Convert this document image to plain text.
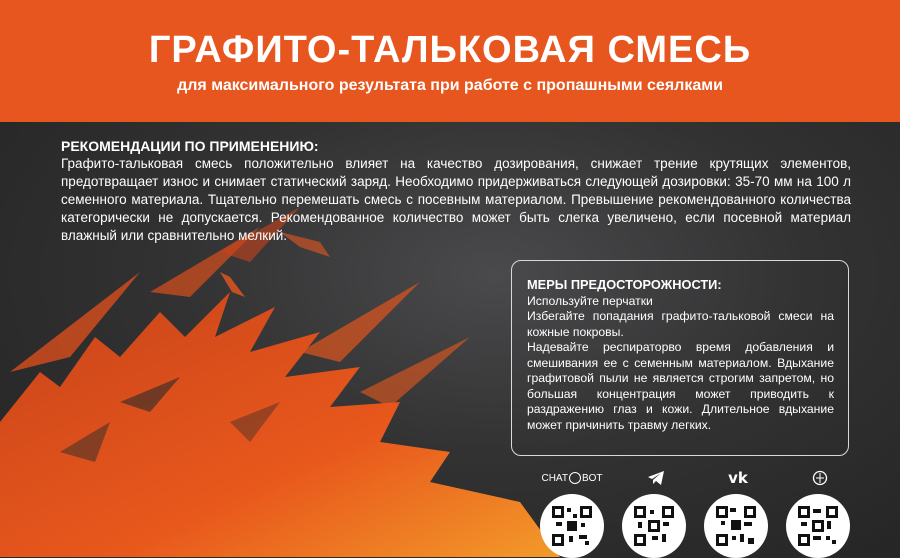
ГРАФИТО-ТАЛЬКОВАЯ СМЕСЬ
для максимального результата при работе с пропашными сеялками
РЕКОМЕНДАЦИИ ПО ПРИМЕНЕНИЮ:
Графито-тальковая смесь положительно влияет на качество дозирования, снижает трение крутящих элементов, предотвращает износ и снимает статический заряд. Необходимо придерживаться следующей дозировки: 35-70 мм на 100 л семенного материала. Тщательно перемешать смесь с посевным материалом. Превышение рекомендованного количества категорически не допускается. Рекомендованное количество может быть слегка увеличено, если посевной материал влажный или сравнительно мелкий.
МЕРЫ ПРЕДОСТОРОЖНОСТИ:

Используйте перчатки

Избегайте попадания графито-тальковой смеси на кожные покровы.

Надевайте респираторво время добавления и смешивания ее с семенным материалом. Вдыхание графитовой пыли не является строгим запретом, но большая концентрация может приводить к раздражению глаз и кожи. Длительное вдыхание может причинить травму легких.

CHAT BOT	vk
